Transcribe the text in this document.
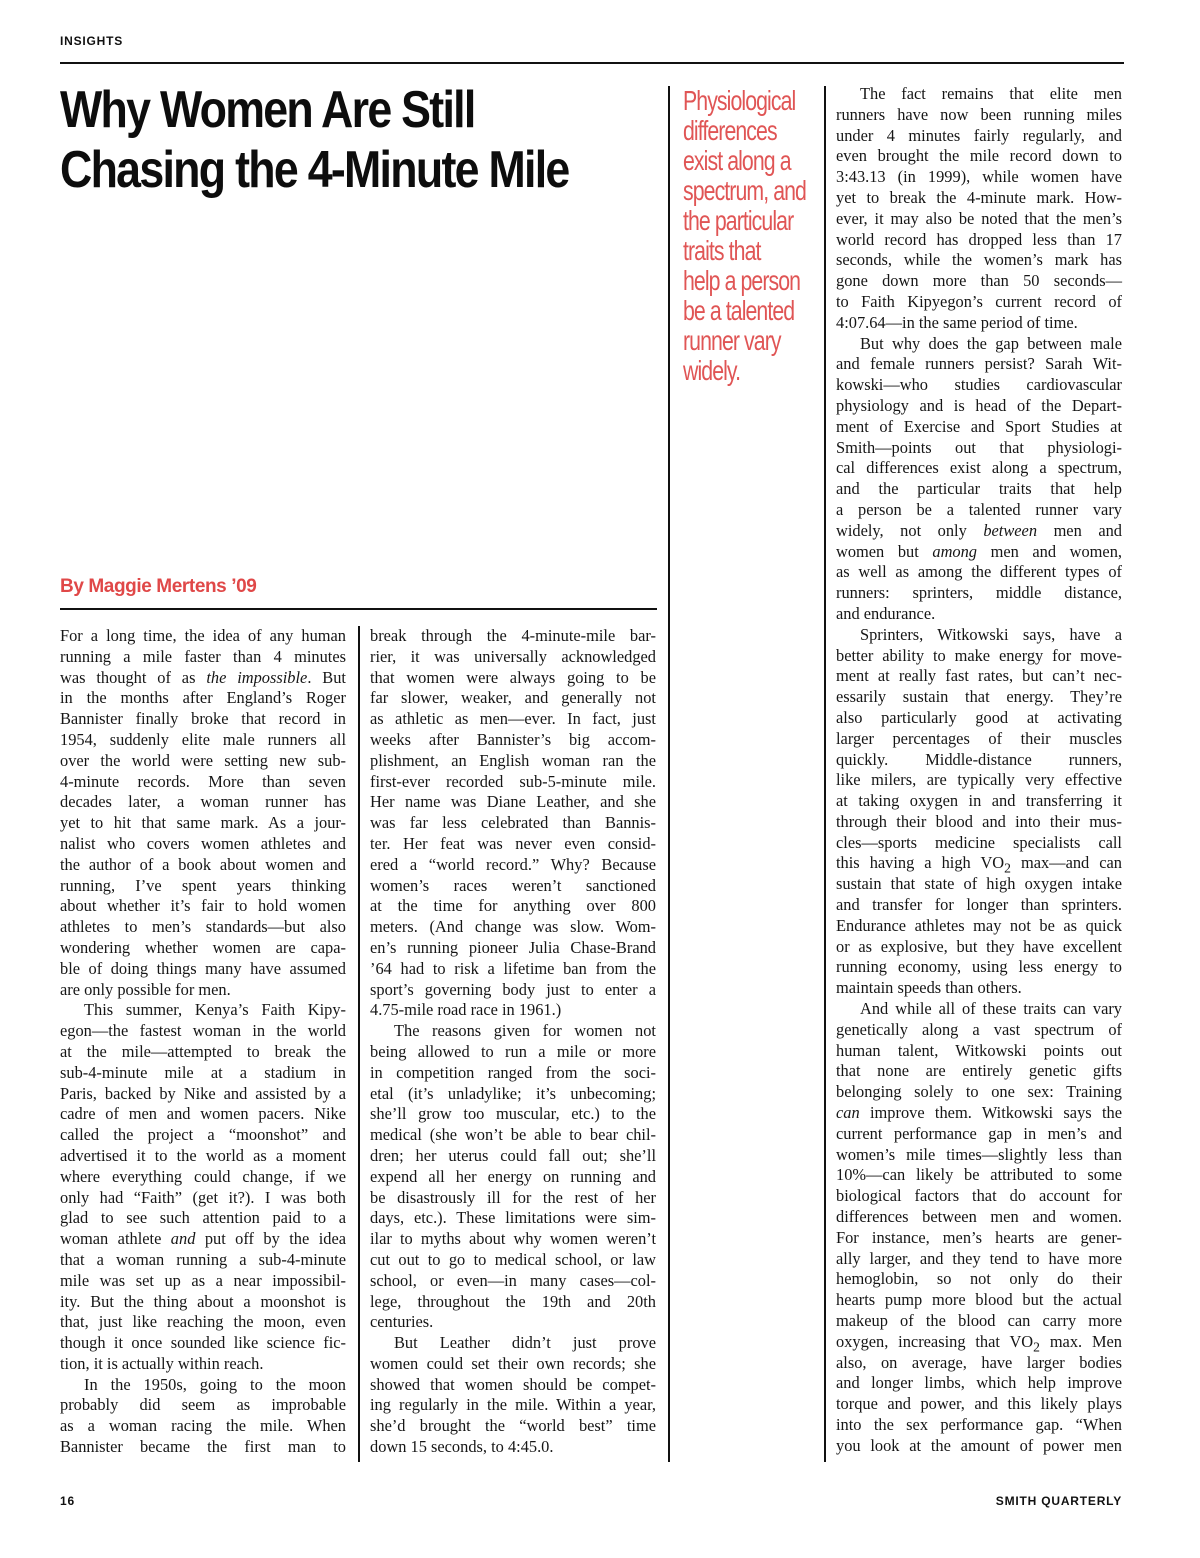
INSIGHTS
Why Women Are Still
Chasing the 4-Minute Mile
By Maggie Mertens ’09
Physiological
differences
exist along a
spectrum, and
the particular
traits that
help a person
be a talented
runner vary
widely.
For a long time, the idea of any human
running a mile faster than 4 minutes
was thought of as the impossible. But
in the months after England’s Roger
Bannister finally broke that record in
1954, suddenly elite male runners all
over the world were setting new sub-
4-minute records. More than seven
decades later, a woman runner has
yet to hit that same mark. As a jour-
nalist who covers women athletes and
the author of a book about women and
running, I’ve spent years thinking
about whether it’s fair to hold women
athletes to men’s standards—but also
wondering whether women are capa-
ble of doing things many have assumed
are only possible for men.
This summer, Kenya’s Faith Kipy-
egon—the fastest woman in the world
at the mile—attempted to break the
sub-4-minute mile at a stadium in
Paris, backed by Nike and assisted by a
cadre of men and women pacers. Nike
called the project a “moonshot” and
advertised it to the world as a moment
where everything could change, if we
only had “Faith” (get it?). I was both
glad to see such attention paid to a
woman athlete and put off by the idea
that a woman running a sub-4-minute
mile was set up as a near impossibil-
ity. But the thing about a moonshot is
that, just like reaching the moon, even
though it once sounded like science fic-
tion, it is actually within reach.
In the 1950s, going to the moon
probably did seem as improbable
as a woman racing the mile. When
Bannister became the first man to
break through the 4-minute-mile bar-
rier, it was universally acknowledged
that women were always going to be
far slower, weaker, and generally not
as athletic as men—ever. In fact, just
weeks after Bannister’s big accom-
plishment, an English woman ran the
first-ever recorded sub-5-minute mile.
Her name was Diane Leather, and she
was far less celebrated than Bannis-
ter. Her feat was never even consid-
ered a “world record.” Why? Because
women’s races weren’t sanctioned
at the time for anything over 800
meters. (And change was slow. Wom-
en’s running pioneer Julia Chase-Brand
’64 had to risk a lifetime ban from the
sport’s governing body just to enter a
4.75-mile road race in 1961.)
The reasons given for women not
being allowed to run a mile or more
in competition ranged from the soci-
etal (it’s unladylike; it’s unbecoming;
she’ll grow too muscular, etc.) to the
medical (she won’t be able to bear chil-
dren; her uterus could fall out; she’ll
expend all her energy on running and
be disastrously ill for the rest of her
days, etc.). These limitations were sim-
ilar to myths about why women weren’t
cut out to go to medical school, or law
school, or even—in many cases—col-
lege, throughout the 19th and 20th
centuries.
But Leather didn’t just prove
women could set their own records; she
showed that women should be compet-
ing regularly in the mile. Within a year,
she’d brought the “world best” time
down 15 seconds, to 4:45.0.
The fact remains that elite men
runners have now been running miles
under 4 minutes fairly regularly, and
even brought the mile record down to
3:43.13 (in 1999), while women have
yet to break the 4-minute mark. How-
ever, it may also be noted that the men’s
world record has dropped less than 17
seconds, while the women’s mark has
gone down more than 50 seconds—
to Faith Kipyegon’s current record of
4:07.64—in the same period of time.
But why does the gap between male
and female runners persist? Sarah Wit-
kowski—who studies cardiovascular
physiology and is head of the Depart-
ment of Exercise and Sport Studies at
Smith—points out that physiologi-
cal differences exist along a spectrum,
and the particular traits that help
a person be a talented runner vary
widely, not only between men and
women but among men and women,
as well as among the different types of
runners: sprinters, middle distance,
and endurance.
Sprinters, Witkowski says, have a
better ability to make energy for move-
ment at really fast rates, but can’t nec-
essarily sustain that energy. They’re
also particularly good at activating
larger percentages of their muscles
quickly. Middle-distance runners,
like milers, are typically very effective
at taking oxygen in and transferring it
through their blood and into their mus-
cles—sports medicine specialists call
this having a high $VO_2$ max—and can
sustain that state of high oxygen intake
and transfer for longer than sprinters.
Endurance athletes may not be as quick
or as explosive, but they have excellent
running economy, using less energy to
maintain speeds than others.
And while all of these traits can vary
genetically along a vast spectrum of
human talent, Witkowski points out
that none are entirely genetic gifts
belonging solely to one sex: Training
can improve them. Witkowski says the
current performance gap in men’s and
women’s mile times—slightly less than
10%—can likely be attributed to some
biological factors that do account for
differences between men and women.
For instance, men’s hearts are gener-
ally larger, and they tend to have more
hemoglobin, so not only do their
hearts pump more blood but the actual
makeup of the blood can carry more
oxygen, increasing that $VO_2$ max. Men
also, on average, have larger bodies
and longer limbs, which help improve
torque and power, and this likely plays
into the sex performance gap. “When
you look at the amount of power men
16	SMITH QUARTERLY
